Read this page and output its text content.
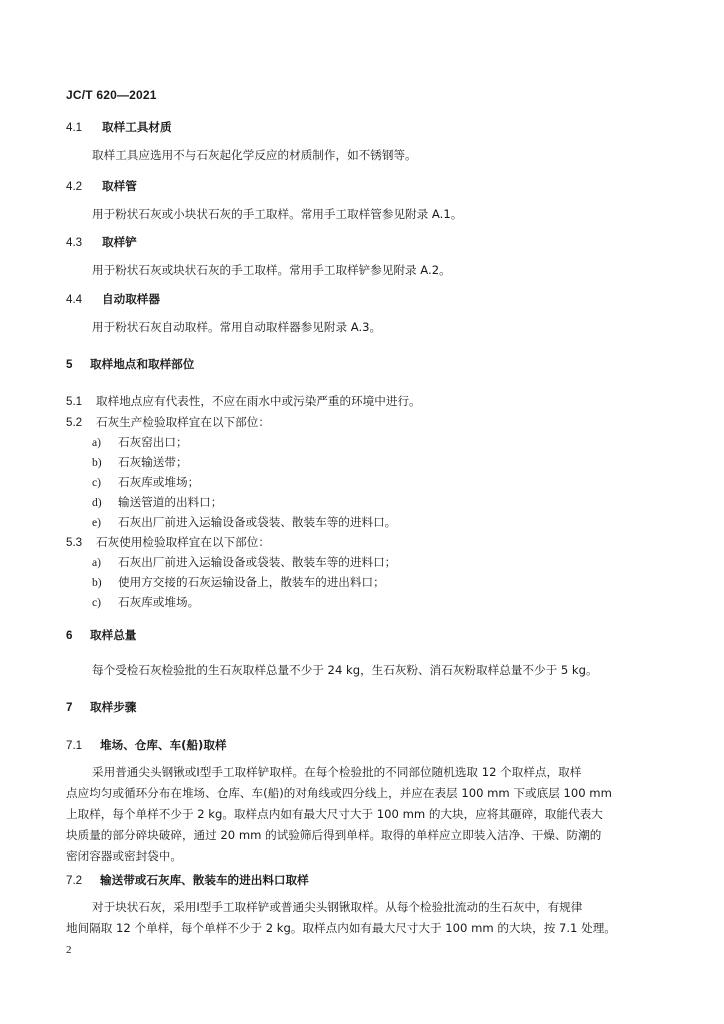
JC/T 620—2021
4.1 取样工具材质
取样工具应选用不与石灰起化学反应的材质制作，如不锈钢等。
4.2 取样管
用于粉状石灰或小块状石灰的手工取样。常用手工取样管参见附录 A.1。
4.3 取样铲
用于粉状石灰或块状石灰的手工取样。常用手工取样铲参见附录 A.2。
4.4 自动取样器
用于粉状石灰自动取样。常用自动取样器参见附录 A.3。
5 取样地点和取样部位
5.1 取样地点应有代表性，不应在雨水中或污染严重的环境中进行。
5.2 石灰生产检验取样宜在以下部位：
a) 石灰窑出口；
b) 石灰输送带；
c) 石灰库或堆场；
d) 输送管道的出料口；
e) 石灰出厂前进入运输设备或袋装、散装车等的进料口。
5.3 石灰使用检验取样宜在以下部位：
a) 石灰出厂前进入运输设备或袋装、散装车等的进料口；
b) 使用方交接的石灰运输设备上，散装车的进出料口；
c) 石灰库或堆场。
6 取样总量
每个受检石灰检验批的生石灰取样总量不少于 24 kg，生石灰粉、消石灰粉取样总量不少于 5 kg。
7 取样步骤
7.1 堆场、仓库、车(船)取样
采用普通尖头钢锹或Ⅰ型手工取样铲取样。在每个检验批的不同部位随机选取 12 个取样点，取样
点应均匀或循环分布在堆场、仓库、车(船)的对角线或四分线上，并应在表层 100 mm 下或底层 100 mm
上取样，每个单样不少于 2 kg。取样点内如有最大尺寸大于 100 mm 的大块，应将其砸碎，取能代表大
块质量的部分碎块破碎，通过 20 mm 的试验筛后得到单样。取得的单样应立即装入洁净、干燥、防潮的
密闭容器或密封袋中。
7.2 输送带或石灰库、散装车的进出料口取样
对于块状石灰，采用Ⅰ型手工取样铲或普通尖头钢锹取样。从每个检验批流动的生石灰中，有规律
地间隔取 12 个单样，每个单样不少于 2 kg。取样点内如有最大尺寸大于 100 mm 的大块，按 7.1 处理。
2
